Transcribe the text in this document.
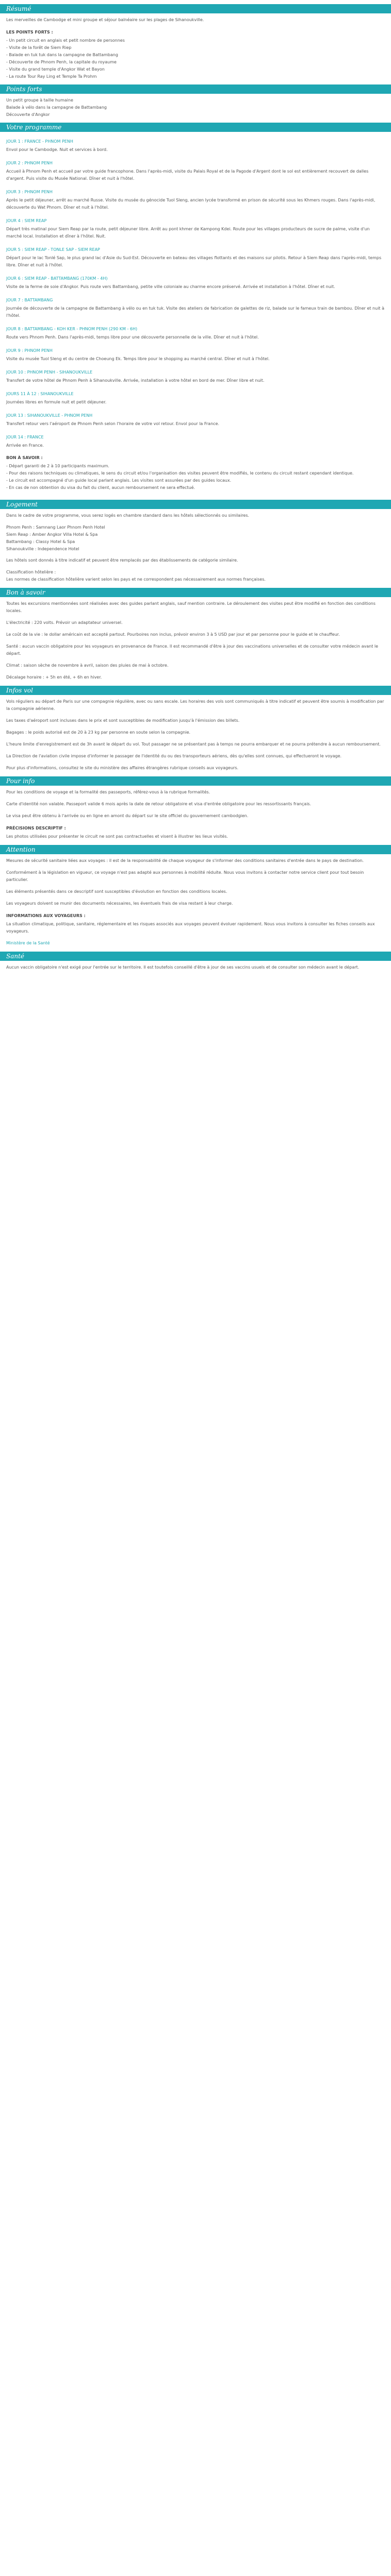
Résumé

Les merveilles de Cambodge et mini groupe et séjour balnéaire sur les plages de Sihanoukville.

LES POINTS FORTS :

- Un petit circuit en anglais et petit nombre de personnes

- Visite de la forêt de Siem Riep

- Balade en tuk tuk dans la campagne de Battambang

- Découverte de Phnom Penh, la capitale du royaume

- Visite du grand temple d'Angkor Wat et Bayon

- La route Tour Ray Ling et Temple Ta Prohm

Points forts

Un petit groupe à taille humaine

Balade à vélo dans la campagne de Battambang

Découverte d'Angkor

Votre programme

JOUR 1 : FRANCE - PHNOM PENH

Envol pour le Cambodge. Nuit et services à bord.

JOUR 2 : PHNOM PENH

Accueil à Phnom Penh et accueil par votre guide francophone. Dans l'après-midi, visite du Palais Royal et de la Pagode d'Argent dont le sol est entièrement recouvert de dalles d'argent. Puis visite du Musée National. Dîner et nuit à l'hôtel.

JOUR 3 : PHNOM PENH

Après le petit déjeuner, arrêt au marché Russe. Visite du musée du génocide Tuol Sleng, ancien lycée transformé en prison de sécurité sous les Khmers rouges. Dans l'après-midi, découverte du Wat Phnom. Dîner et nuit à l'hôtel.

JOUR 4 : SIEM REAP

Départ très matinal pour Siem Reap par la route, petit déjeuner libre. Arrêt au pont khmer de Kampong Kdei. Route pour les villages producteurs de sucre de palme, visite d'un marché local. Installation et dîner à l'hôtel. Nuit.

JOUR 5 : SIEM REAP - TONLE SAP - SIEM REAP

Départ pour le lac Tonlé Sap, le plus grand lac d'Asie du Sud-Est. Découverte en bateau des villages flottants et des maisons sur pilotis. Retour à Siem Reap dans l'après-midi, temps libre. Dîner et nuit à l'hôtel.

JOUR 6 : SIEM REAP - BATTAMBANG (170KM - 4H)

Visite de la ferme de soie d'Angkor. Puis route vers Battambang, petite ville coloniale au charme encore préservé. Arrivée et installation à l'hôtel. Dîner et nuit.

JOUR 7 : BATTAMBANG

Journée de découverte de la campagne de Battambang à vélo ou en tuk tuk. Visite des ateliers de fabrication de galettes de riz, balade sur le fameux train de bambou. Dîner et nuit à l'hôtel.

JOUR 8 : BATTAMBANG - KOH KER - PHNOM PENH (290 KM - 6H)

Route vers Phnom Penh. Dans l'après-midi, temps libre pour une découverte personnelle de la ville. Dîner et nuit à l'hôtel.

JOUR 9 : PHNOM PENH

Visite du musée Tuol Sleng et du centre de Choeung Ek. Temps libre pour le shopping au marché central. Dîner et nuit à l'hôtel.

JOUR 10 : PHNOM PENH - SIHANOUKVILLE

Transfert de votre hôtel de Phnom Penh à Sihanoukville. Arrivée, installation à votre hôtel en bord de mer. Dîner libre et nuit.

JOURS 11 À 12 : SIHANOUKVILLE

Journées libres en formule nuit et petit déjeuner.

JOUR 13 : SIHANOUKVILLE - PHNOM PENH

Transfert retour vers l'aéroport de Phnom Penh selon l'horaire de votre vol retour. Envol pour la France.

JOUR 14 : FRANCE

Arrivée en France.

BON À SAVOIR :

- Départ garanti de 2 à 10 participants maximum.

- Pour des raisons techniques ou climatiques, le sens du circuit et/ou l'organisation des visites peuvent être modifiés, le contenu du circuit restant cependant identique.

- Le circuit est accompagné d'un guide local parlant anglais. Les visites sont assurées par des guides locaux.

- En cas de non obtention du visa du fait du client, aucun remboursement ne sera effectué.

Logement

Dans le cadre de votre programme, vous serez logés en chambre standard dans les hôtels sélectionnés ou similaires.

Phnom Penh : Samnang Laor Phnom Penh Hotel

Siem Reap : Amber Angkor Villa Hotel & Spa

Battambang : Classy Hotel & Spa

Sihanoukville : Independence Hotel

Les hôtels sont donnés à titre indicatif et peuvent être remplacés par des établissements de catégorie similaire.

Classification hôtelière :

Les normes de classification hôtelière varient selon les pays et ne correspondent pas nécessairement aux normes françaises.

Bon à savoir

Toutes les excursions mentionnées sont réalisées avec des guides parlant anglais, sauf mention contraire. Le déroulement des visites peut être modifié en fonction des conditions locales.

L'électricité : 220 volts. Prévoir un adaptateur universel.

Le coût de la vie : le dollar américain est accepté partout. Pourboires non inclus, prévoir environ 3 à 5 USD par jour et par personne pour le guide et le chauffeur.

Santé : aucun vaccin obligatoire pour les voyageurs en provenance de France. Il est recommandé d'être à jour des vaccinations universelles et de consulter votre médecin avant le départ.

Climat : saison sèche de novembre à avril, saison des pluies de mai à octobre.

Décalage horaire : + 5h en été, + 6h en hiver.

Infos vol

Vols réguliers au départ de Paris sur une compagnie régulière, avec ou sans escale. Les horaires des vols sont communiqués à titre indicatif et peuvent être soumis à modification par la compagnie aérienne.

Les taxes d'aéroport sont incluses dans le prix et sont susceptibles de modification jusqu'à l'émission des billets.

Bagages : le poids autorisé est de 20 à 23 kg par personne en soute selon la compagnie.

L'heure limite d'enregistrement est de 3h avant le départ du vol. Tout passager ne se présentant pas à temps ne pourra embarquer et ne pourra prétendre à aucun remboursement.

La Direction de l'aviation civile impose d'informer le passager de l'identité du ou des transporteurs aériens, dès qu'elles sont connues, qui effectueront le voyage.

Pour plus d'informations, consultez le site du ministère des affaires étrangères rubrique conseils aux voyageurs.

Pour info

Pour les conditions de voyage et la formalité des passeports, référez-vous à la rubrique formalités.

Carte d'identité non valable. Passeport valide 6 mois après la date de retour obligatoire et visa d'entrée obligatoire pour les ressortissants français.

Le visa peut être obtenu à l'arrivée ou en ligne en amont du départ sur le site officiel du gouvernement cambodgien.

PRÉCISIONS DESCRIPTIF :

Les photos utilisées pour présenter le circuit ne sont pas contractuelles et visent à illustrer les lieux visités.

Attention

Mesures de sécurité sanitaire liées aux voyages : il est de la responsabilité de chaque voyageur de s'informer des conditions sanitaires d'entrée dans le pays de destination.

Conformément à la législation en vigueur, ce voyage n'est pas adapté aux personnes à mobilité réduite. Nous vous invitons à contacter notre service client pour tout besoin particulier.

Les éléments présentés dans ce descriptif sont susceptibles d'évolution en fonction des conditions locales.

Les voyageurs doivent se munir des documents nécessaires, les éventuels frais de visa restant à leur charge.

INFORMATIONS AUX VOYAGEURS :

La situation climatique, politique, sanitaire, réglementaire et les risques associés aux voyages peuvent évoluer rapidement. Nous vous invitons à consulter les fiches conseils aux voyageurs.

Ministère de la Santé

Santé

Aucun vaccin obligatoire n'est exigé pour l'entrée sur le territoire. Il est toutefois conseillé d'être à jour de ses vaccins usuels et de consulter son médecin avant le départ.
